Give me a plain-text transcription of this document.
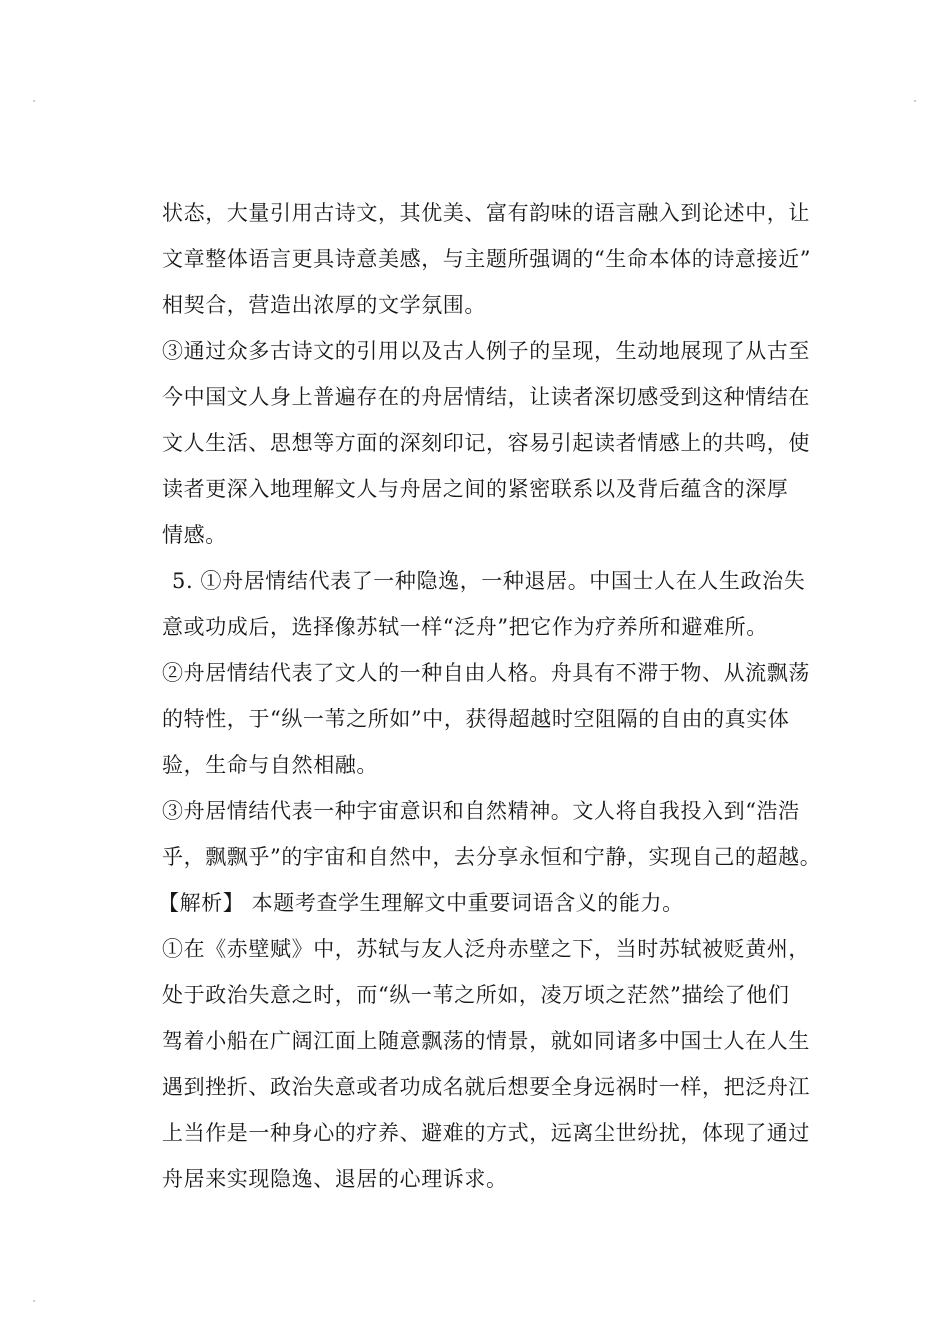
状态，大量引用古诗文，其优美、富有韵味的语言融入到论述中，让
文章整体语言更具诗意美感，与主题所强调的“生命本体的诗意接近”
相契合，营造出浓厚的文学氛围。
③通过众多古诗文的引用以及古人例子的呈现，生动地展现了从古至
今中国文人身上普遍存在的舟居情结，让读者深切感受到这种情结在
文人生活、思想等方面的深刻印记，容易引起读者情感上的共鸣，使
读者更深入地理解文人与舟居之间的紧密联系以及背后蕴含的深厚
情感。
5. ①舟居情结代表了一种隐逸，一种退居。中国士人在人生政治失
意或功成后，选择像苏轼一样“泛舟”把它作为疗养所和避难所。
②舟居情结代表了文人的一种自由人格。舟具有不滞于物、从流飘荡
的特性，于“纵一苇之所如”中，获得超越时空阻隔的自由的真实体
验，生命与自然相融。
③舟居情结代表一种宇宙意识和自然精神。文人将自我投入到“浩浩
乎，飘飘乎”的宇宙和自然中，去分享永恒和宁静，实现自己的超越。
【解析】 本题考查学生理解文中重要词语含义的能力。
①在《赤壁赋》中，苏轼与友人泛舟赤壁之下，当时苏轼被贬黄州，
处于政治失意之时，而“纵一苇之所如，凌万顷之茫然”描绘了他们
驾着小船在广阔江面上随意飘荡的情景，就如同诸多中国士人在人生
遇到挫折、政治失意或者功成名就后想要全身远祸时一样，把泛舟江
上当作是一种身心的疗养、避难的方式，远离尘世纷扰，体现了通过
舟居来实现隐逸、退居的心理诉求。
